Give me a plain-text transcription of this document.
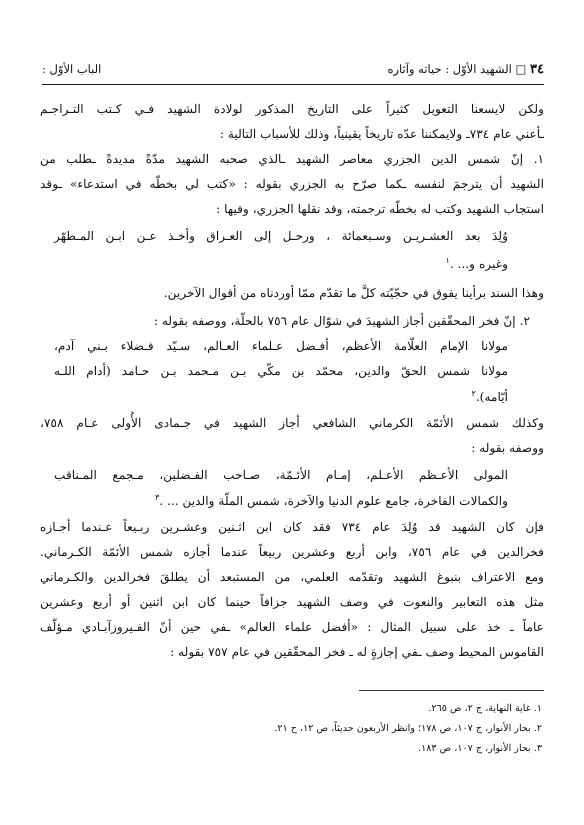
٣٤ □ الشهيد الأوّل : حياته وآثاره
الباب الأوّل :
ولكن لايسعنا التعويل كثيراً على التاريخ المذكور لولادة الشهيد فـي كـتب التـراجـم
ـأعني عام ٧٣٤ـ ولايمكننا عدّه تاريخاً يقينياً، وذلك للأسباب التالية :
١. إنّ شمس الدين الجزري معاصر الشهيد ـالذي صحبه الشهيد مدّةً مديدةً ـطلب من
الشهيد أن يترجمَ لنفسه ـكما صرّح به الجزري بقوله : «كتب لي بخطّه في استدعاء» ـوقد
استجاب الشهيد وكتب له بخطّه ترجمته، وقد نقلها الجزري، وفيها :
وُلِدَ بعد العشـريـن وسـبعمائة ، ورحـل إلى العـراق وأخـذ عـن ابـن المـطهّر
وغيره و... .$^١$
وهذا السند برأينا يفوق في حجّيّته كلَّ ما تقدّم ممّا أوردناه من أقوال الآخرين.
٢. إنّ فخر المحقّقين أجاز الشهيدَ في شوّال عام ٧٥٦ بالحلّة، ووصفه بقوله :
مولانا الإمام العلّامة الأعظم، أفـضل عـلماء العـالم، سـيّد فـضلاء بـني آدم،
مولانا شمس الحقّ والدين، محمّد بن مكّي بـن مـحمد بـن حـامد (أدام اللـه
أيّامه).$^٢$
وكذلك شمس الأئمّة الكرماني الشافعي أجاز الشهيد في جـمادى الأُولى عـام ٧٥٨،
ووصفه بقوله :
المولى الأعـظم الأعـلم، إمـام الأئـمّة، صـاحب الفـضلين، مـجمع المـناقب
والكمالات الفاخرة، جامع علوم الدنيا والآخرة، شمس الملّة والدين ... .$^٣$
فإن كان الشهيد قد وُلِدَ عام ٧٣٤ فقد كان ابن اثـنين وعشـرين ربـيعاً عـندما أجـازه
فخرالدين في عام ٧٥٦، وابن أربع وعشرين ربيعاً عندما أجازه شمس الأئمّة الكـرماني.
ومع الاعتراف بنبوغ الشهيد وتقدّمه العلمي، من المستبعد أن يطلقَ فخرالدين والكـرماني
مثل هذه التعابير والنعوت في وصف الشهيد جزافاً حينما كان ابن اثنين أو أربع وعشرين
عاماً ـ خذ على سبيل المثال : «أفضل علماء العالم» ـفي حين أنّ الفـيروزآبـادي مـؤلّف
القاموس المحيط وصف ـفي إجازةٍ له ـ فخر المحقّقين في عام ٧٥٧ بقوله :
١. غاية النهاية، ج ٢، ص ٢٦٥.
٢. بحار الأنوار، ج ١٠٧، ص ١٧٨؛ وانظر الأربعون حديثاً، ص ١٢، ح ٢١.
٣. بحار الأنوار، ج ١٠٧، ص ١٨٣.
